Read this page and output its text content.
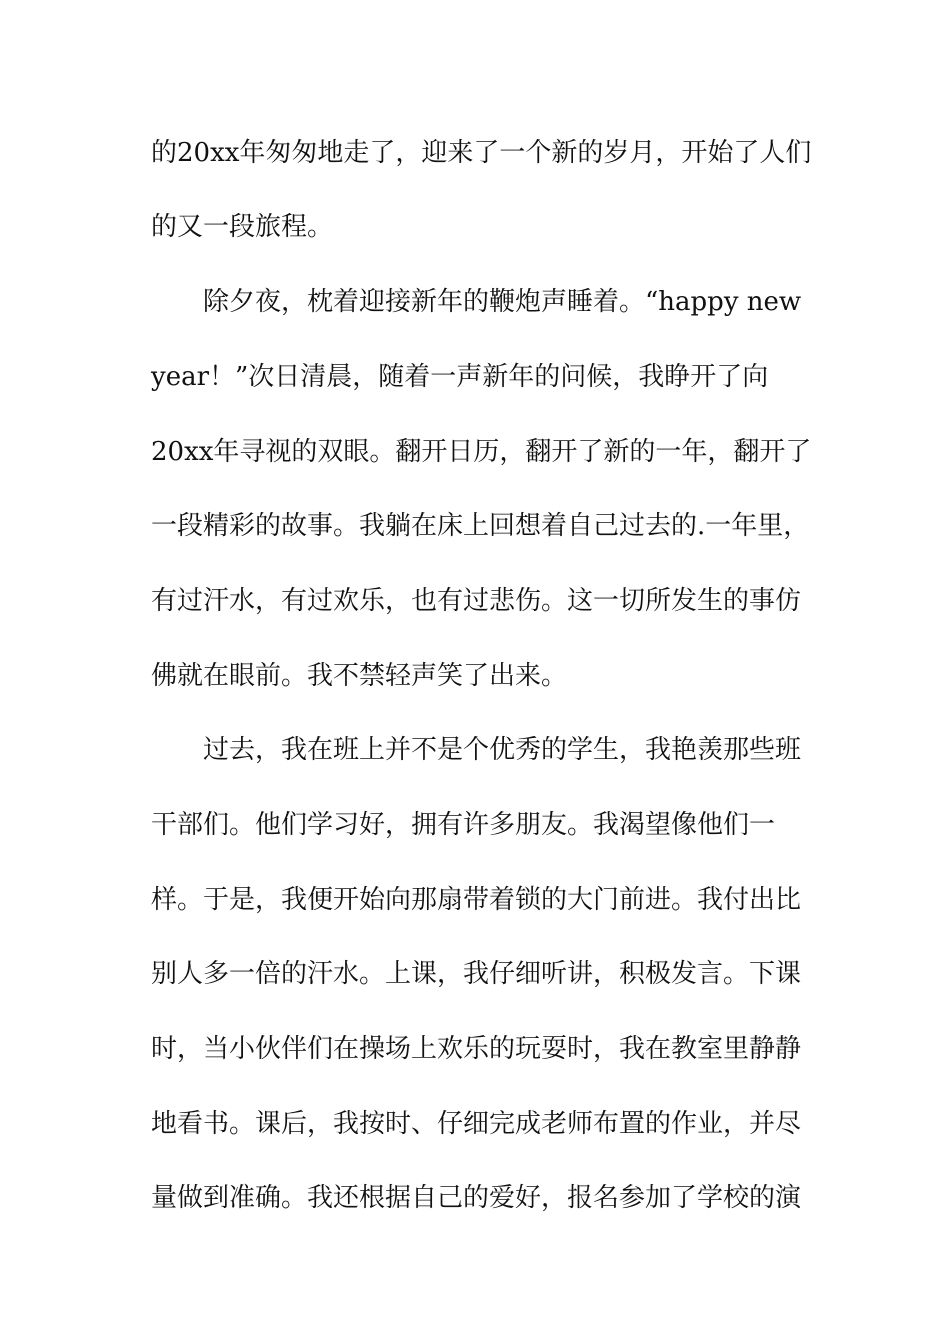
的20xx年匆匆地走了，迎来了一个新的岁月，开始了人们
的又一段旅程。
除夕夜，枕着迎接新年的鞭炮声睡着。“happy new
year！”次日清晨，随着一声新年的问候，我睁开了向
20xx年寻视的双眼。翻开日历，翻开了新的一年，翻开了
一段精彩的故事。我躺在床上回想着自己过去的.一年里，
有过汗水，有过欢乐，也有过悲伤。这一切所发生的事仿
佛就在眼前。我不禁轻声笑了出来。
过去，我在班上并不是个优秀的学生，我艳羡那些班
干部们。他们学习好，拥有许多朋友。我渴望像他们一
样。于是，我便开始向那扇带着锁的大门前进。我付出比
别人多一倍的汗水。上课，我仔细听讲，积极发言。下课
时，当小伙伴们在操场上欢乐的玩耍时，我在教室里静静
地看书。课后，我按时、仔细完成老师布置的作业，并尽
量做到准确。我还根据自己的爱好，报名参加了学校的演
